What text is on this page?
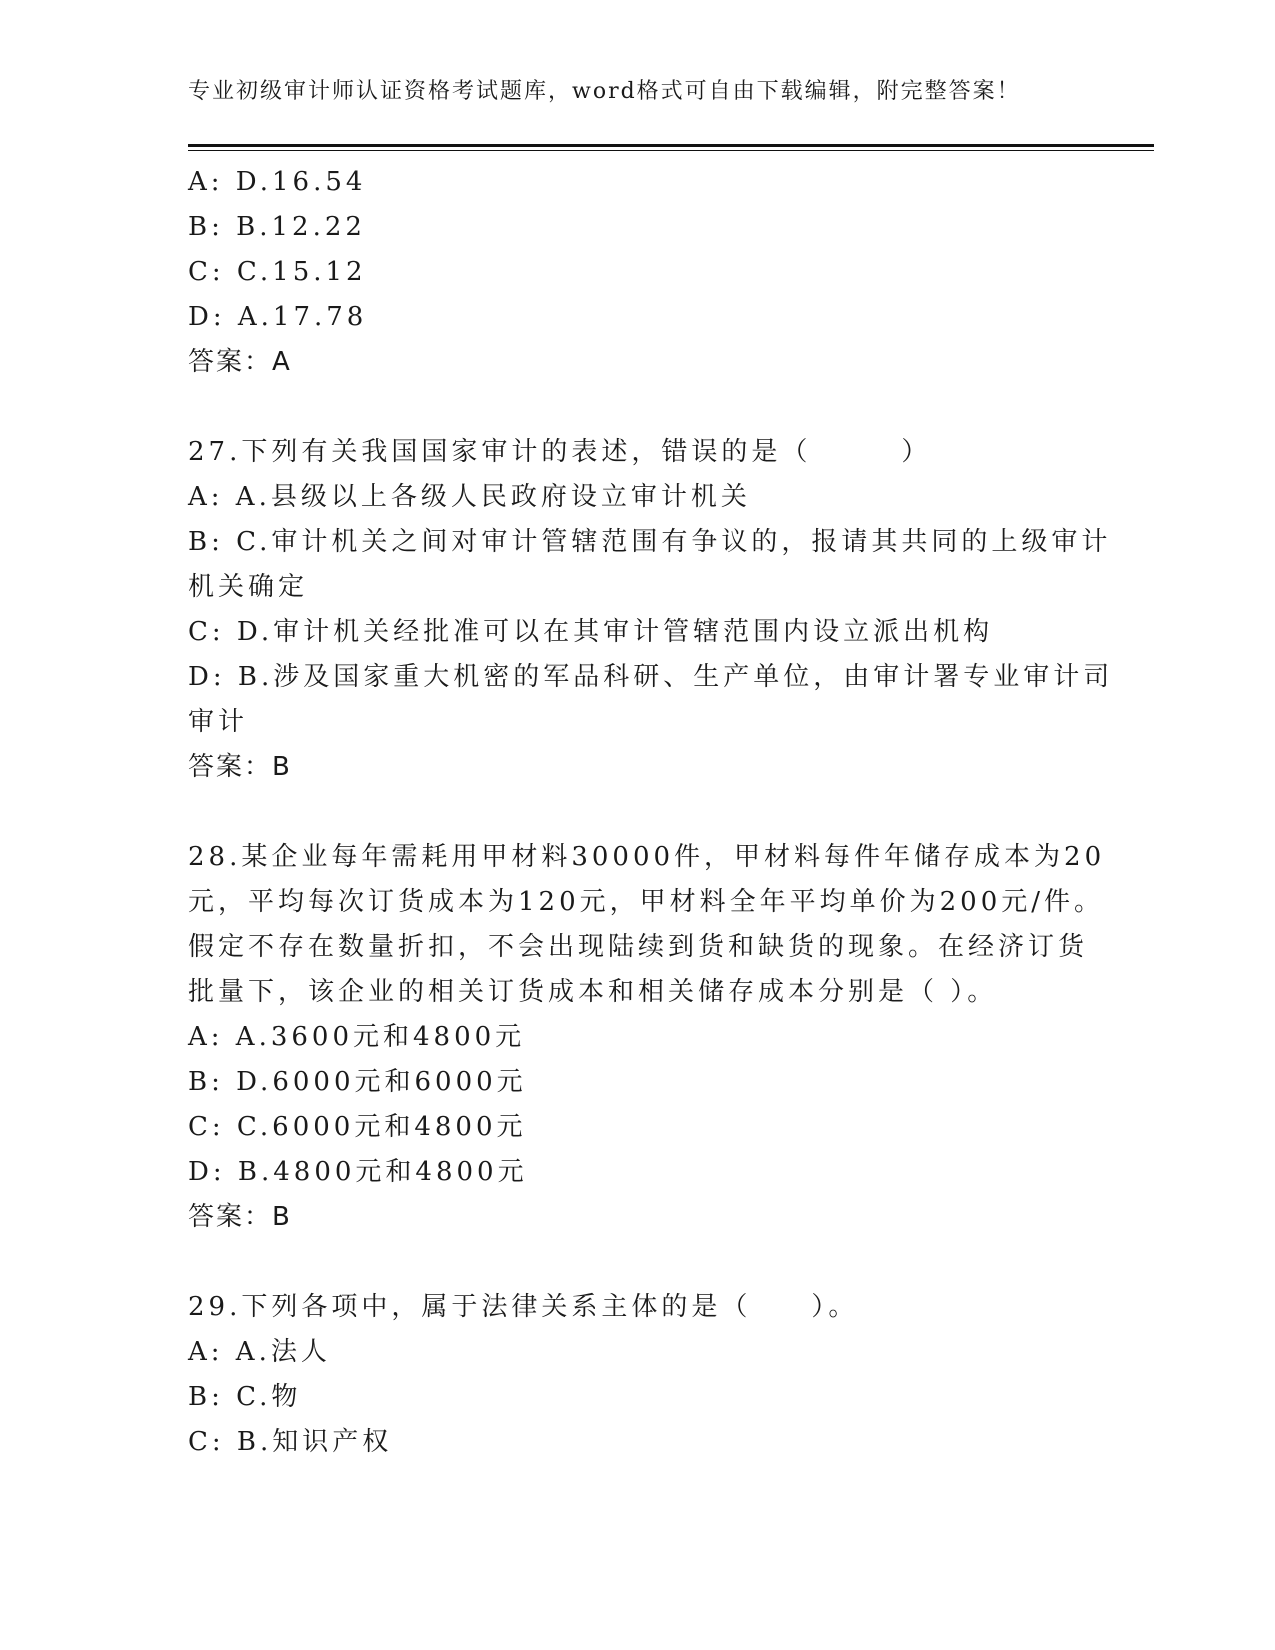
专业初级审计师认证资格考试题库，word格式可自由下载编辑，附完整答案！
A: D.16.54
B: B.12.22
C: C.15.12
D: A.17.78
答案：A
27.下列有关我国国家审计的表述，错误的是（　　　）
A: A.县级以上各级人民政府设立审计机关
B: C.审计机关之间对审计管辖范围有争议的，报请其共同的上级审计
机关确定
C: D.审计机关经批准可以在其审计管辖范围内设立派出机构
D: B.涉及国家重大机密的军品科研、生产单位，由审计署专业审计司
审计
答案：B
28.某企业每年需耗用甲材料30000件，甲材料每件年储存成本为20
元，平均每次订货成本为120元，甲材料全年平均单价为200元/件。
假定不存在数量折扣，不会出现陆续到货和缺货的现象。在经济订货
批量下，该企业的相关订货成本和相关储存成本分别是（ ）。
A: A.3600元和4800元
B: D.6000元和6000元
C: C.6000元和4800元
D: B.4800元和4800元
答案：B
29.下列各项中，属于法律关系主体的是（　　）。
A: A.法人
B: C.物
C: B.知识产权
